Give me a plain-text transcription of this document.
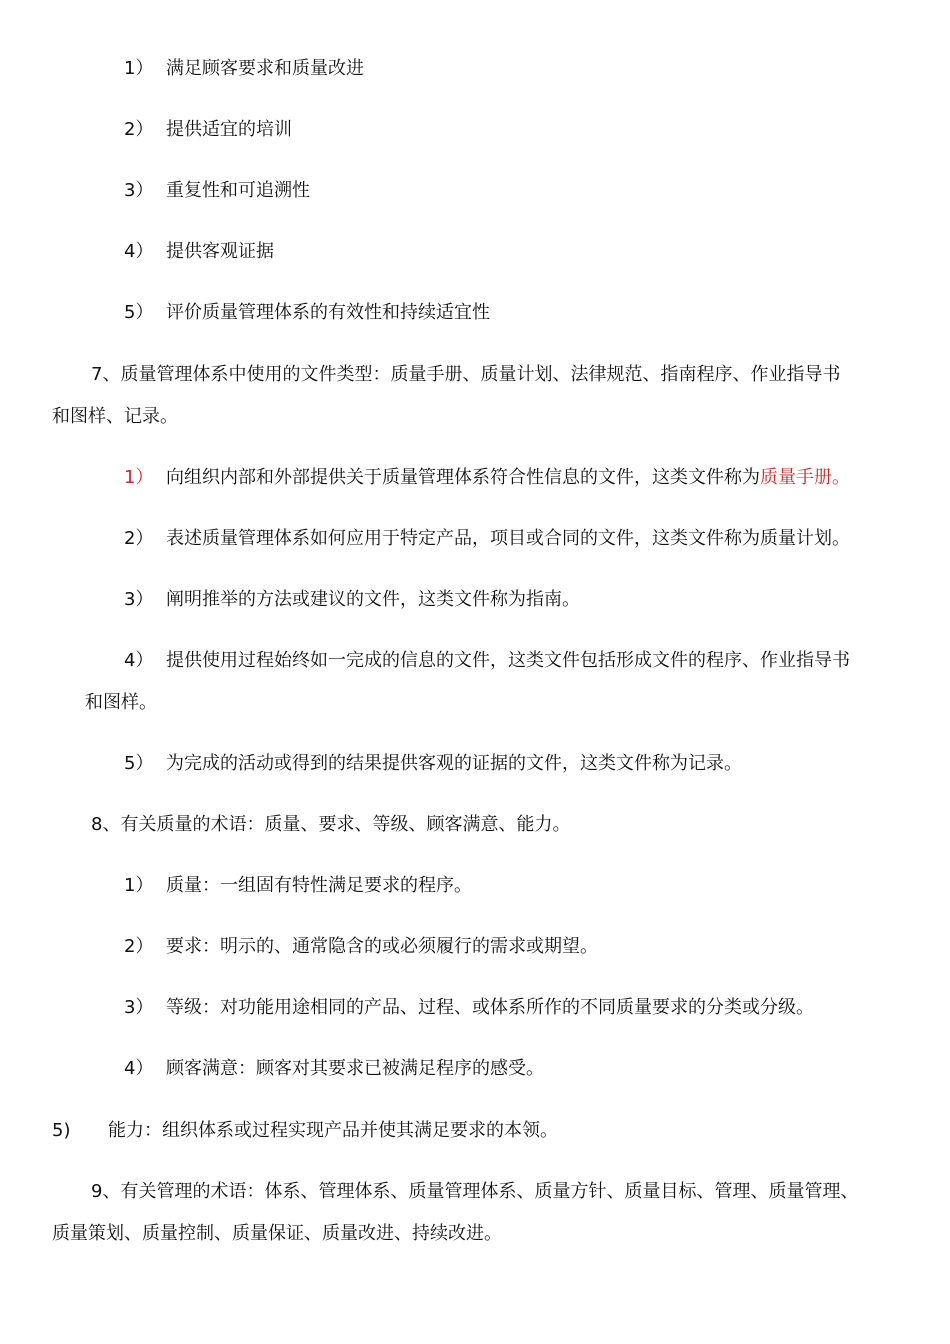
1） 满足顾客要求和质量改进
2） 提供适宜的培训
3） 重复性和可追溯性
4） 提供客观证据
5） 评价质量管理体系的有效性和持续适宜性
7、质量管理体系中使用的文件类型：质量手册、质量计划、法律规范、指南程序、作业指导书
和图样、记录。
1） 向组织内部和外部提供关于质量管理体系符合性信息的文件，这类文件称为质量手册。
2） 表述质量管理体系如何应用于特定产品，项目或合同的文件，这类文件称为质量计划。
3） 阐明推举的方法或建议的文件，这类文件称为指南。
4） 提供使用过程始终如一完成的信息的文件，这类文件包括形成文件的程序、作业指导书
和图样。
5） 为完成的活动或得到的结果提供客观的证据的文件，这类文件称为记录。
8、有关质量的术语：质量、要求、等级、顾客满意、能力。
1） 质量：一组固有特性满足要求的程序。
2） 要求：明示的、通常隐含的或必须履行的需求或期望。
3） 等级：对功能用途相同的产品、过程、或体系所作的不同质量要求的分类或分级。
4） 顾客满意：顾客对其要求已被满足程序的感受。
5) 能力：组织体系或过程实现产品并使其满足要求的本领。
9、有关管理的术语：体系、管理体系、质量管理体系、质量方针、质量目标、管理、质量管理、
质量策划、质量控制、质量保证、质量改进、持续改进。
